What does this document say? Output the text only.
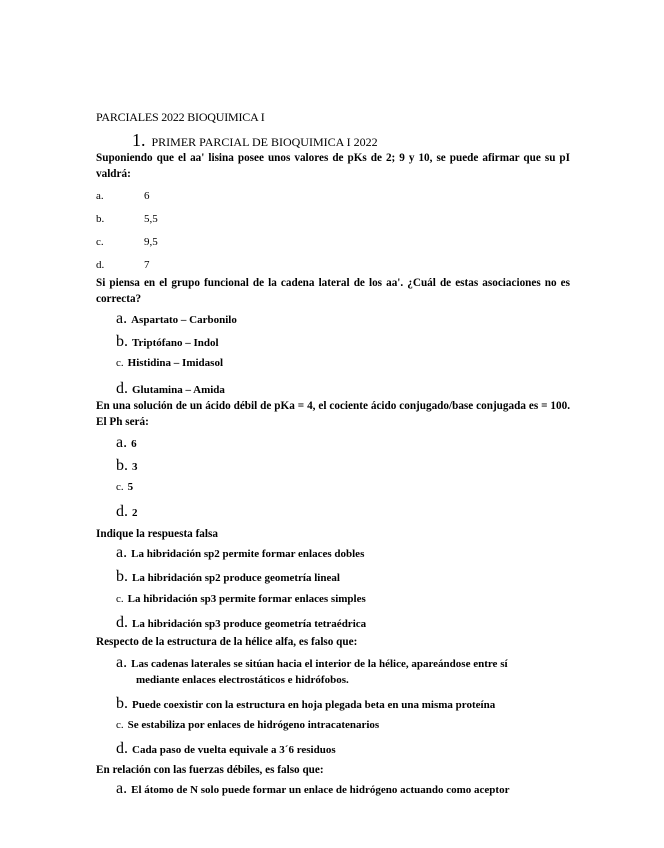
PARCIALES 2022 BIOQUIMICA I
1. PRIMER PARCIAL DE BIOQUIMICA I 2022
Suponiendo que el aa' lisina posee unos valores de pKs de 2; 9 y 10, se puede afirmar que su pI valdrá:
a.	6
b.	5,5
c.	9,5
d.	7
Si piensa en el grupo funcional de la cadena lateral de los aa'. ¿Cuál de estas asociaciones no es correcta?
a. Aspartato – Carbonilo
b. Triptófano – Indol
c. Histidina – Imidasol
d. Glutamina – Amida
En una solución de un ácido débil de pKa = 4, el cociente ácido conjugado/base conjugada es = 100. El Ph será:
a. 6
b. 3
c. 5
d. 2
Indique la respuesta falsa
a. La hibridación sp2 permite formar enlaces dobles
b. La hibridación sp2 produce geometría lineal
c. La hibridación sp3 permite formar enlaces simples
d. La hibridación sp3 produce geometría tetraédrica
Respecto de la estructura de la hélice alfa, es falso que:
a. Las cadenas laterales se sitúan hacia el interior de la hélice, apareándose entre sí
mediante enlaces electrostáticos e hidrófobos.
b. Puede coexistir con la estructura en hoja plegada beta en una misma proteína
c. Se estabiliza por enlaces de hidrógeno intracatenarios
d. Cada paso de vuelta equivale a 3´6 residuos
En relación con las fuerzas débiles, es falso que:
a. El átomo de N solo puede formar un enlace de hidrógeno actuando como aceptor
